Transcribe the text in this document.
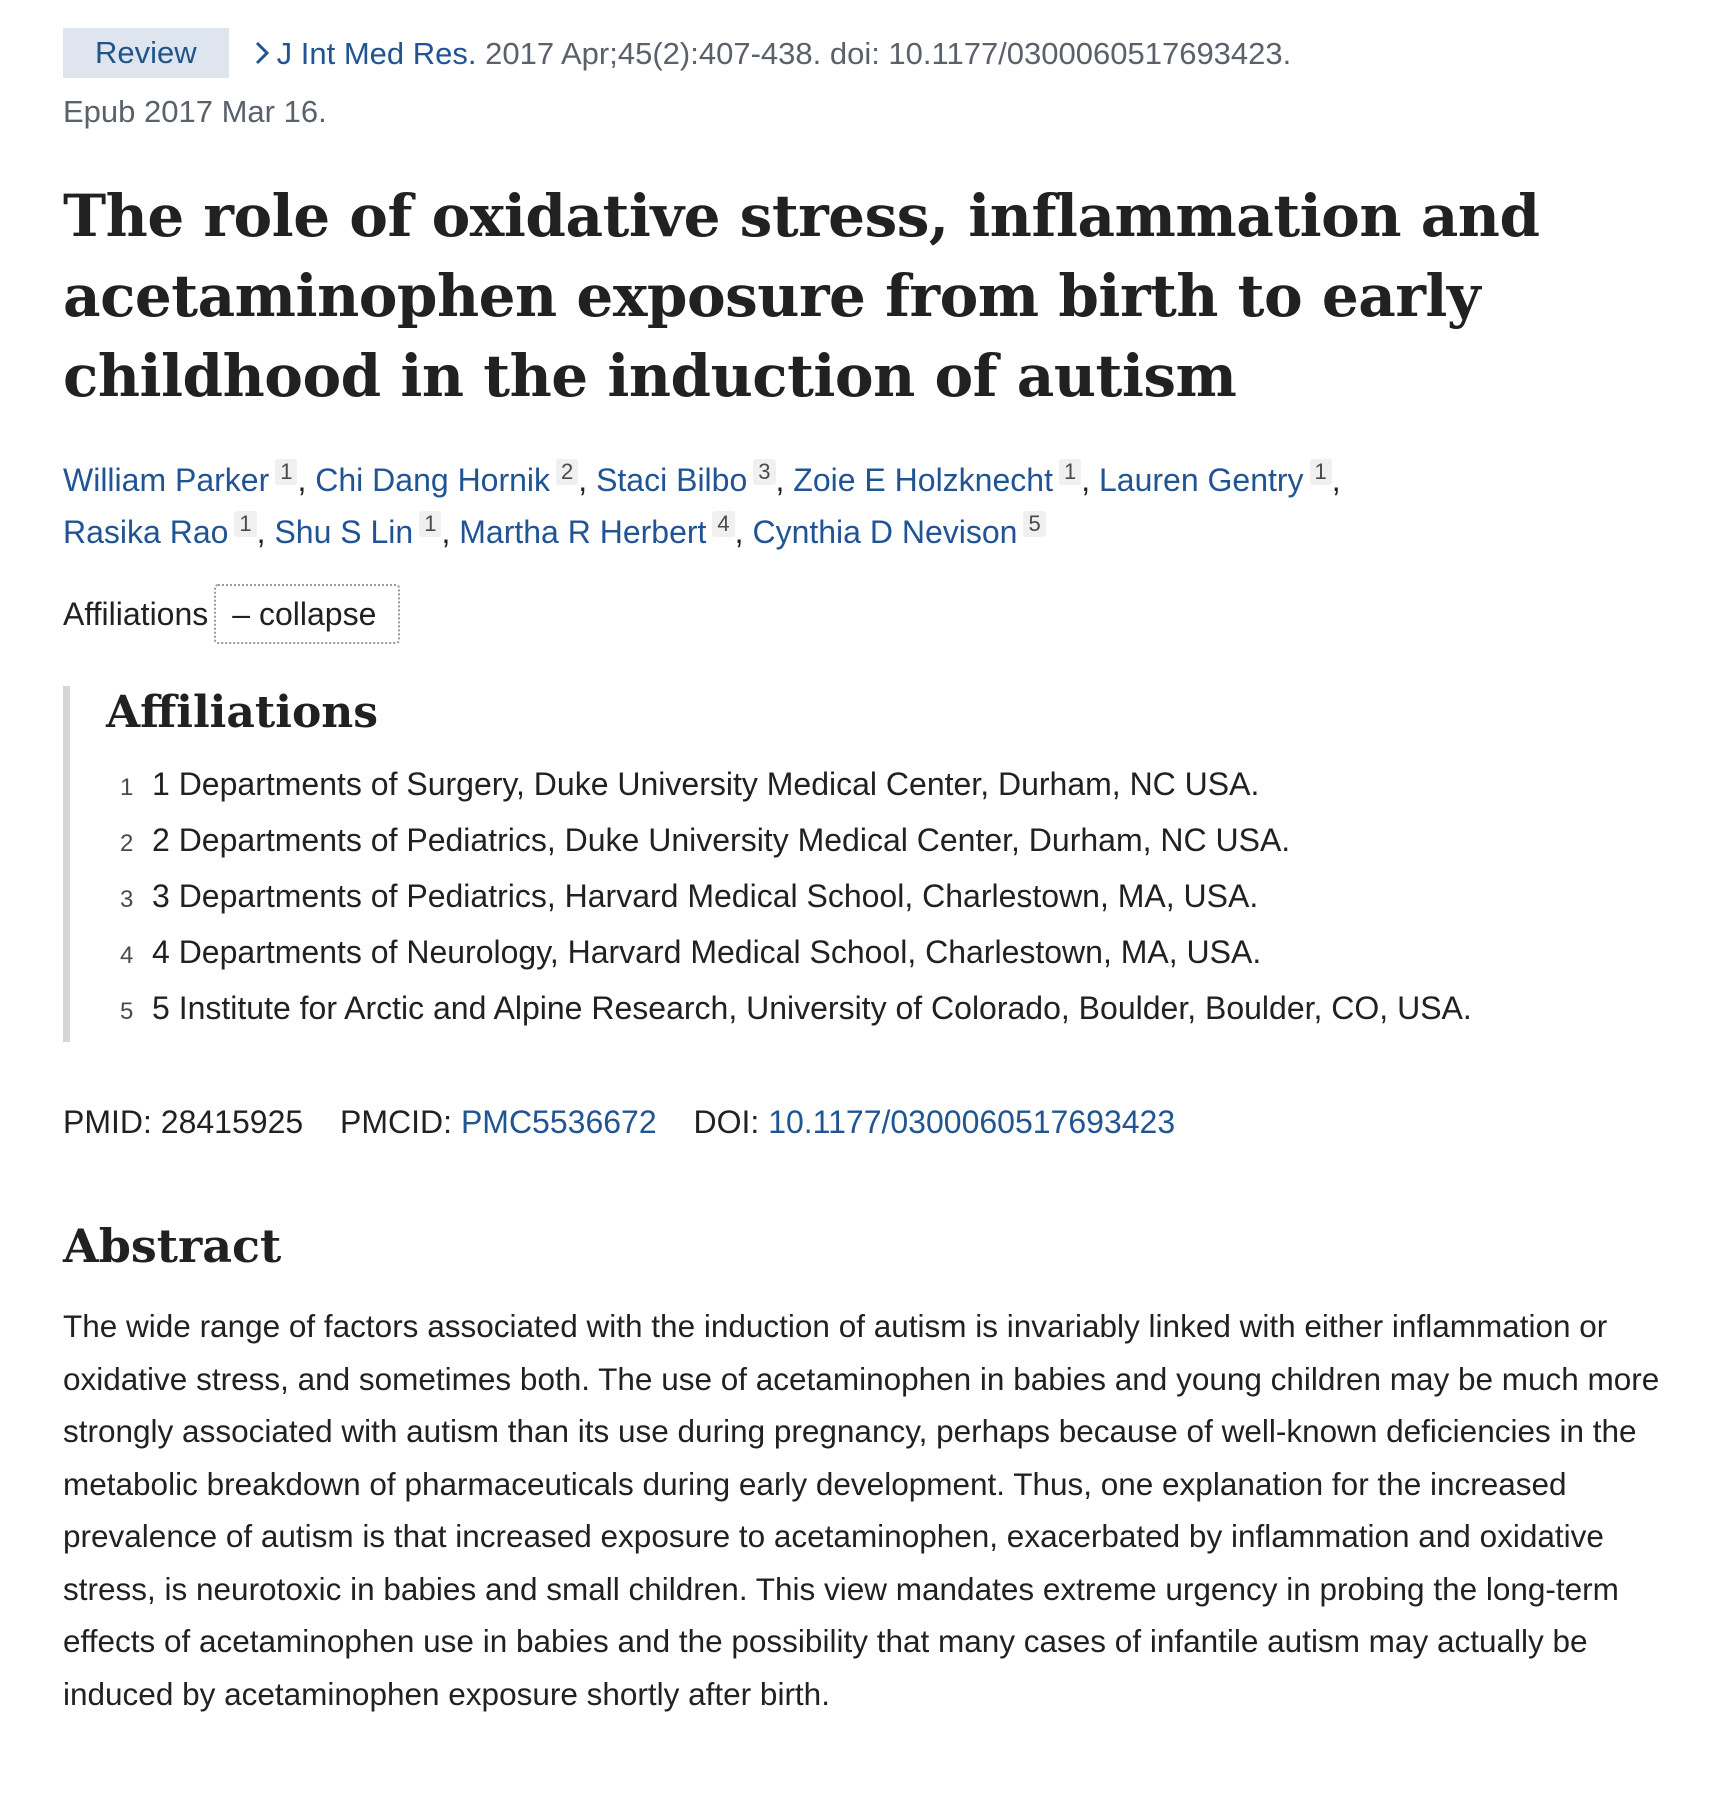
Review	J Int Med Res. 2017 Apr;45(2):407-438. doi: 10.1177/0300060517693423.
Epub 2017 Mar 16.
The role of oxidative stress, inflammation and acetaminophen exposure from birth to early childhood in the induction of autism
William Parker 1 , Chi Dang Hornik 2 , Staci Bilbo 3 , Zoie E Holzknecht 1 , Lauren Gentry 1 ,
Rasika Rao 1 , Shu S Lin 1 , Martha R Herbert 4 , Cynthia D Nevison 5
Affiliations – collapse
Affiliations
1 1 Departments of Surgery, Duke University Medical Center, Durham, NC USA.
2 2 Departments of Pediatrics, Duke University Medical Center, Durham, NC USA.
3 3 Departments of Pediatrics, Harvard Medical School, Charlestown, MA, USA.
4 4 Departments of Neurology, Harvard Medical School, Charlestown, MA, USA.
5 5 Institute for Arctic and Alpine Research, University of Colorado, Boulder, Boulder, CO, USA.
PMID: 28415925 PMCID: PMC5536672 DOI: 10.1177/0300060517693423
Abstract

The wide range of factors associated with the induction of autism is invariably linked with either inflammation or oxidative stress, and sometimes both. The use of acetaminophen in babies and young children may be much more strongly associated with autism than its use during pregnancy, perhaps because of well-known deficiencies in the metabolic breakdown of pharmaceuticals during early development. Thus, one explanation for the increased prevalence of autism is that increased exposure to acetaminophen, exacerbated by inflammation and oxidative stress, is neurotoxic in babies and small children. This view mandates extreme urgency in probing the long-term effects of acetaminophen use in babies and the possibility that many cases of infantile autism may actually be induced by acetaminophen exposure shortly after birth.
